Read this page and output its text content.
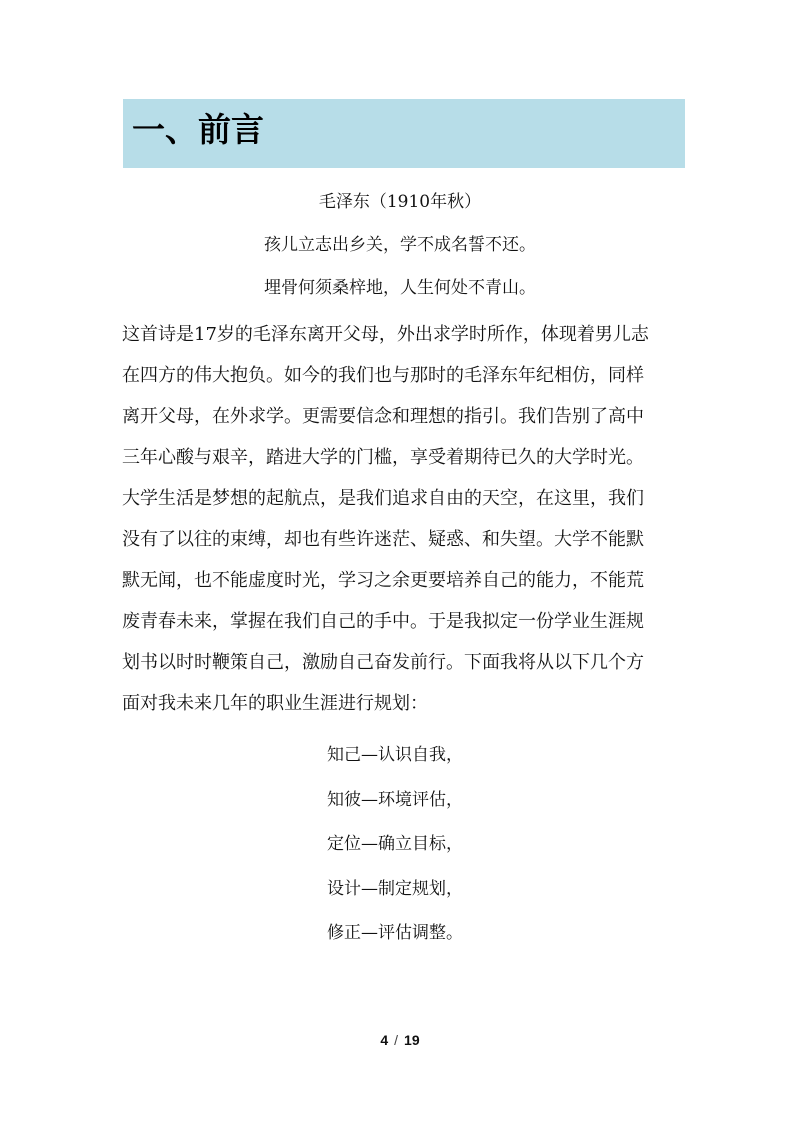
一、前言
毛泽东（1910年秋）
孩儿立志出乡关，学不成名誓不还。
埋骨何须桑梓地，人生何处不青山。
这首诗是17岁的毛泽东离开父母，外出求学时所作，体现着男儿志
在四方的伟大抱负。如今的我们也与那时的毛泽东年纪相仿，同样
离开父母，在外求学。更需要信念和理想的指引。我们告别了高中
三年心酸与艰辛，踏进大学的门槛，享受着期待已久的大学时光。
大学生活是梦想的起航点，是我们追求自由的天空，在这里，我们
没有了以往的束缚，却也有些许迷茫、疑惑、和失望。大学不能默
默无闻，也不能虚度时光，学习之余更要培养自己的能力，不能荒
废青春未来，掌握在我们自己的手中。于是我拟定一份学业生涯规
划书以时时鞭策自己，激励自己奋发前行。下面我将从以下几个方
面对我未来几年的职业生涯进行规划：
知己—认识自我，
知彼—环境评估，
定位—确立目标，
设计—制定规划，
修正—评估调整。
4 / 19
